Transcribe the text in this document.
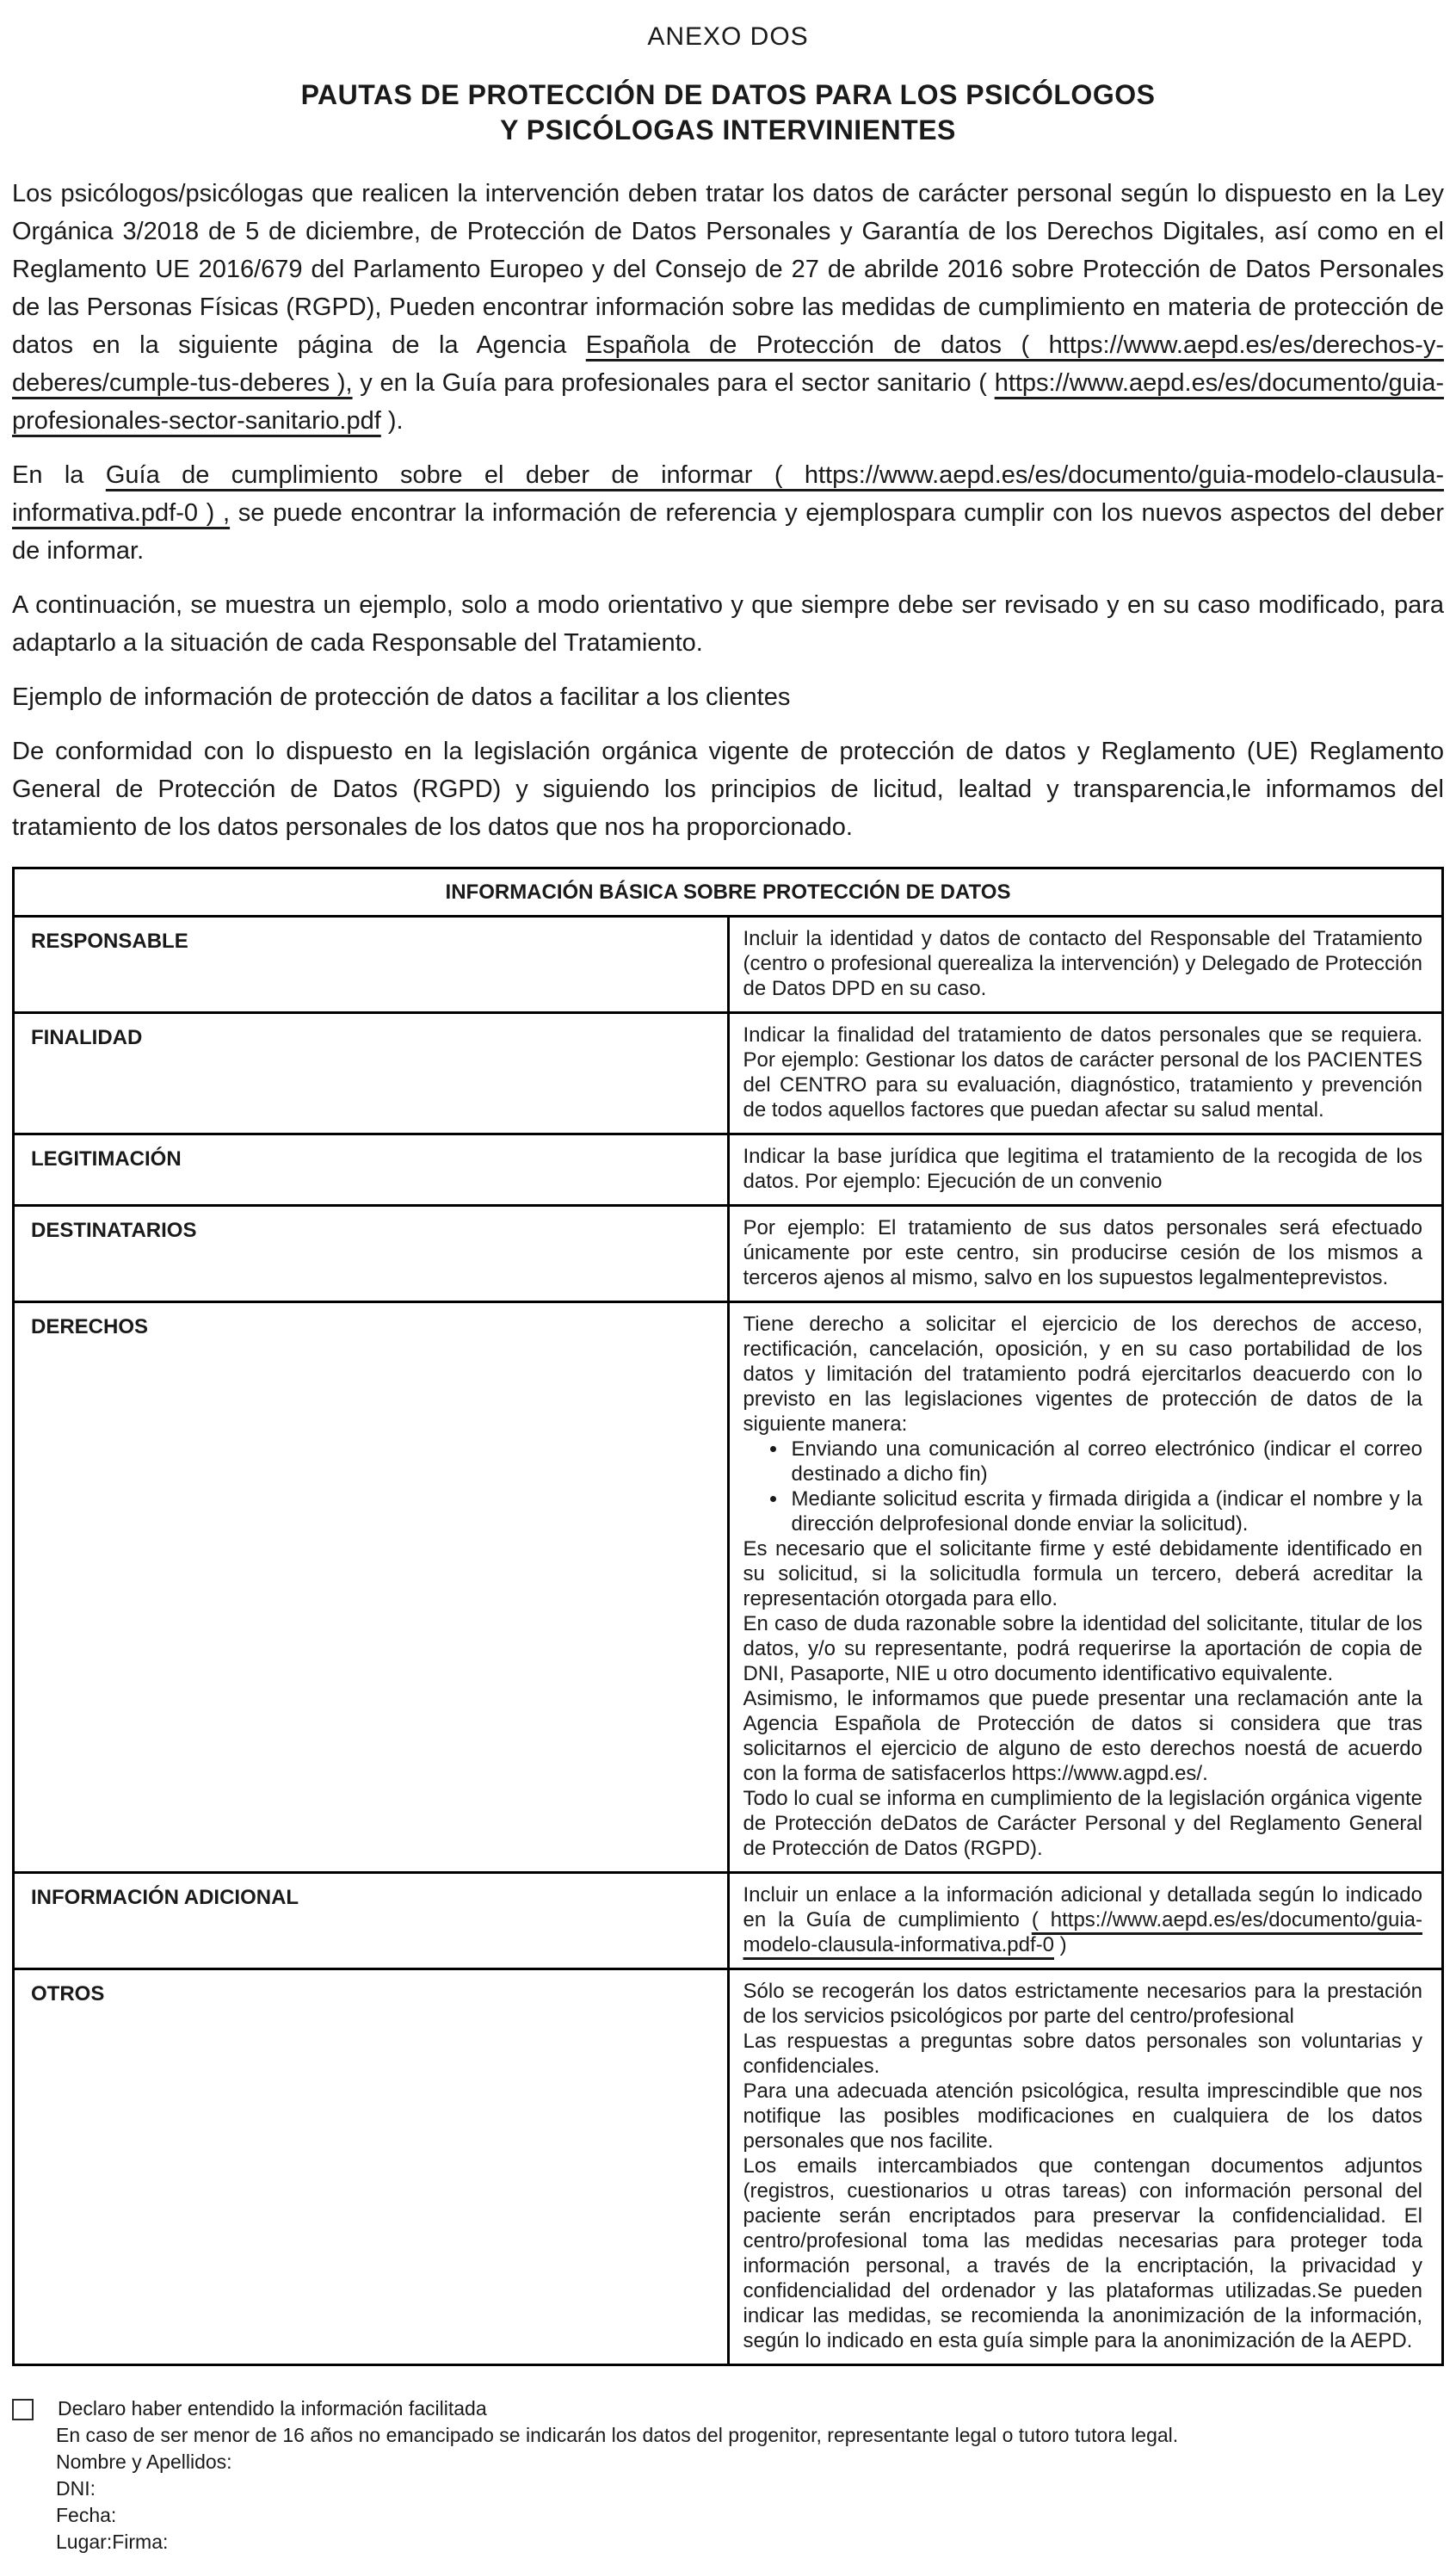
ANEXO DOS
PAUTAS DE PROTECCIÓN DE DATOS PARA LOS PSICÓLOGOS
Y PSICÓLOGAS INTERVINIENTES

Los psicólogos/psicólogas que realicen la intervención deben tratar los datos de carácter personal según lo dispuesto en la Ley Orgánica 3/2018 de 5 de diciembre, de Protección de Datos Personales y Garantía de los Derechos Digitales, así como en el Reglamento UE 2016/679 del Parlamento Europeo y del Consejo de 27 de abrilde 2016 sobre Protección de Datos Personales de las Personas Físicas (RGPD), Pueden encontrar información sobre las medidas de cumplimiento en materia de protección de datos en la siguiente página de la Agencia Española de Protección de datos ( https://www.aepd.es/es/derechos-y-deberes/cumple-tus-deberes ), y en la Guía para profesionales para el sector sanitario ( https://www.aepd.es/es/documento/guia-profesionales-sector-sanitario.pdf ).

En la Guía de cumplimiento sobre el deber de informar ( https://www.aepd.es/es/documento/guia-modelo-clausula-informativa.pdf-0 ) , se puede encontrar la información de referencia y ejemplospara cumplir con los nuevos aspectos del deber de informar.

A continuación, se muestra un ejemplo, solo a modo orientativo y que siempre debe ser revisado y en su caso modificado, para adaptarlo a la situación de cada Responsable del Tratamiento.

Ejemplo de información de protección de datos a facilitar a los clientes

De conformidad con lo dispuesto en la legislación orgánica vigente de protección de datos y Reglamento (UE) Reglamento General de Protección de Datos (RGPD) y siguiendo los principios de licitud, lealtad y transparencia,le informamos del tratamiento de los datos personales de los datos que nos ha proporcionado.

INFORMACIÓN BÁSICA SOBRE PROTECCIÓN DE DATOS	
RESPONSABLE	Incluir la identidad y datos de contacto del Responsable del Tratamiento (centro o profesional querealiza la intervención) y Delegado de Protección de Datos DPD en su caso.
FINALIDAD	Indicar la finalidad del tratamiento de datos personales que se requiera. Por ejemplo: Gestionar los datos de carácter personal de los PACIENTES del CENTRO para su evaluación, diagnóstico, tratamiento y prevención de todos aquellos factores que puedan afectar su salud mental.
LEGITIMACIÓN	Indicar la base jurídica que legitima el tratamiento de la recogida de los datos. Por ejemplo: Ejecución de un convenio
DESTINATARIOS	Por ejemplo: El tratamiento de sus datos personales será efectuado únicamente por este centro, sin producirse cesión de los mismos a terceros ajenos al mismo, salvo en los supuestos legalmenteprevistos.
DERECHOS	Tiene derecho a solicitar el ejercicio de los derechos de acceso, rectificación, cancelación, oposición, y en su caso portabilidad de los datos y limitación del tratamiento podrá ejercitarlos deacuerdo con lo previsto en las legislaciones vigentes de protección de datos de la siguiente manera:

• Enviando una comunicación al correo electrónico (indicar el correo destinado a dicho fin)
• Mediante solicitud escrita y firmada dirigida a (indicar el nombre y la dirección delprofesional donde enviar la solicitud).

Es necesario que el solicitante firme y esté debidamente identificado en su solicitud, si la solicitudla formula un tercero, deberá acreditar la representación otorgada para ello.

En caso de duda razonable sobre la identidad del solicitante, titular de los datos, y/o su representante, podrá requerirse la aportación de copia de DNI, Pasaporte, NIE u otro documento identificativo equivalente.

Asimismo, le informamos que puede presentar una reclamación ante la Agencia Española de Protección de datos si considera que tras solicitarnos el ejercicio de alguno de esto derechos noestá de acuerdo con la forma de satisfacerlos https://www.agpd.es/.

Todo lo cual se informa en cumplimiento de la legislación orgánica vigente de Protección deDatos de Carácter Personal y del Reglamento General de Protección de Datos (RGPD).

INFORMACIÓN ADICIONAL	Incluir un enlace a la información adicional y detallada según lo indicado en la Guía de cumplimiento ( https://www.aepd.es/es/documento/guia-modelo-clausula-informativa.pdf-0 )
OTROS	Sólo se recogerán los datos estrictamente necesarios para la prestación de los servicios psicológicos por parte del centro/profesional

Las respuestas a preguntas sobre datos personales son voluntarias y confidenciales.

Para una adecuada atención psicológica, resulta imprescindible que nos notifique las posibles modificaciones en cualquiera de los datos personales que nos facilite.

Los emails intercambiados que contengan documentos adjuntos (registros, cuestionarios u otras tareas) con información personal del paciente serán encriptados para preservar la confidencialidad. El centro/profesional toma las medidas necesarias para proteger toda información personal, a través de la encriptación, la privacidad y confidencialidad del ordenador y las plataformas utilizadas.Se pueden indicar las medidas, se recomienda la anonimización de la información, según lo indicado en esta guía simple para la anonimización de la AEPD.

Declaro haber entendido la información facilitada
En caso de ser menor de 16 años no emancipado se indicarán los datos del progenitor, representante legal o tutoro tutora legal.
Nombre y Apellidos:
DNI:
Fecha:
Lugar:Firma:
